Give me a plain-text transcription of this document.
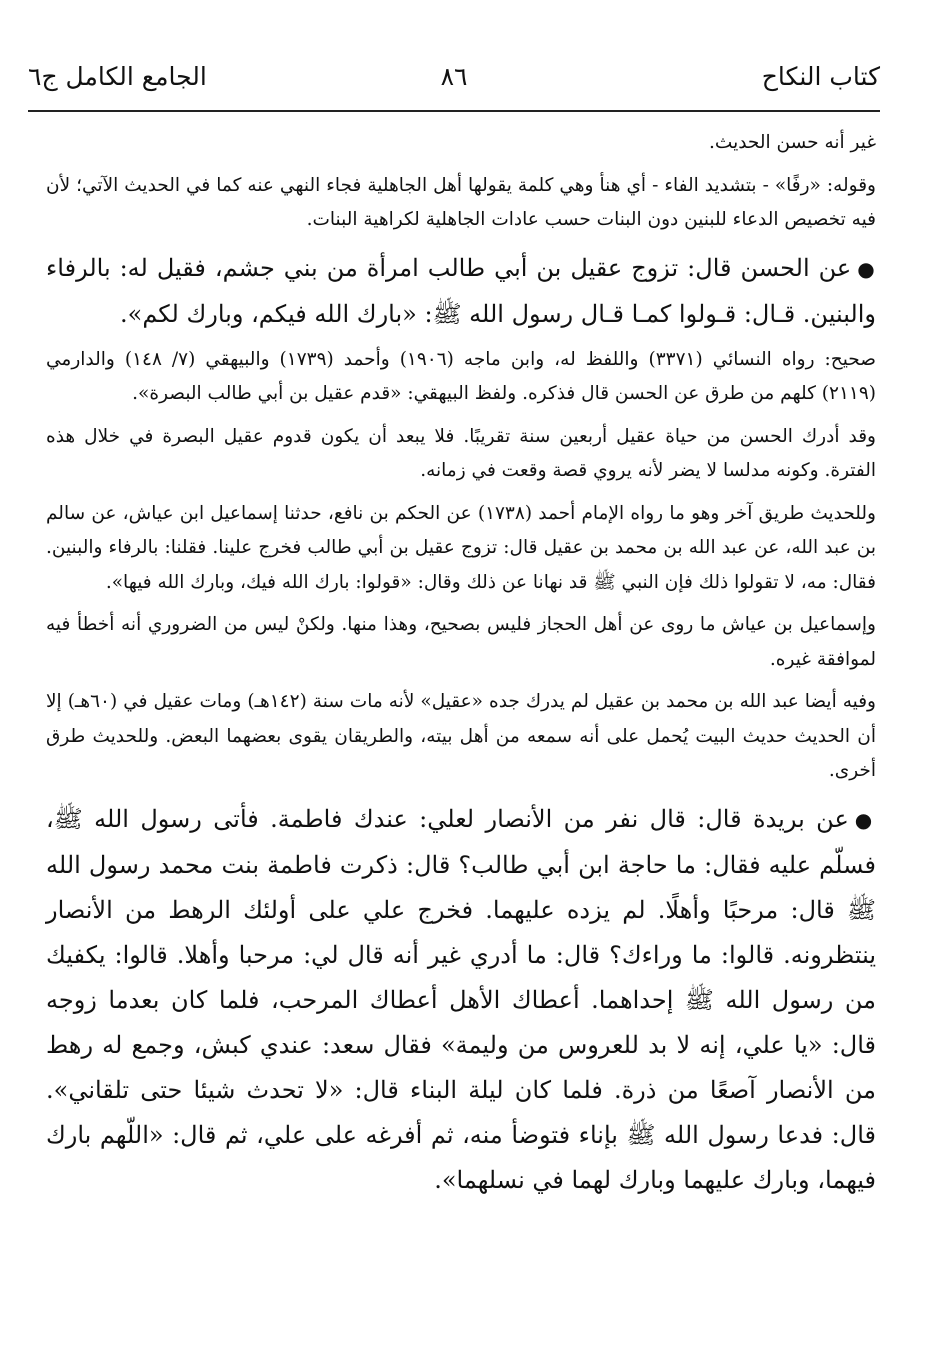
كتاب النكاح
٨٦
الجامع الكامل ج٦

غير أنه حسن الحديث.

وقوله: «رفًا» - بتشديد الفاء - أي هنأ وهي كلمة يقولها أهل الجاهلية فجاء النهي عنه كما في الحديث الآتي؛ لأن فيه تخصيص الدعاء للبنين دون البنات حسب عادات الجاهلية لكراهية البنات.

●عن الحسن قال: تزوج عقيل بن أبي طالب امرأة من بني جشم، فقيل له: بالرفاء والبنين. قـال: قـولوا كمـا قـال رسول الله ﷺ: «بارك الله فيكم، وبارك لكم».

صحيح: رواه النسائي (٣٣٧١) واللفظ له، وابن ماجه (١٩٠٦) وأحمد (١٧٣٩) والبيهقي (٧/ ١٤٨) والدارمي (٢١١٩) كلهم من طرق عن الحسن قال فذكره. ولفظ البيهقي: «قدم عقيل بن أبي طالب البصرة».

وقد أدرك الحسن من حياة عقيل أربعين سنة تقريبًا. فلا يبعد أن يكون قدوم عقيل البصرة في خلال هذه الفترة. وكونه مدلسا لا يضر لأنه يروي قصة وقعت في زمانه.

وللحديث طريق آخر وهو ما رواه الإمام أحمد (١٧٣٨) عن الحكم بن نافع، حدثنا إسماعيل ابن عياش، عن سالم بن عبد الله، عن عبد الله بن محمد بن عقيل قال: تزوج عقيل بن أبي طالب فخرج علينا. فقلنا: بالرفاء والبنين. فقال: مه، لا تقولوا ذلك فإن النبي ﷺ قد نهانا عن ذلك وقال: «قولوا: بارك الله فيك، وبارك الله فيها».

وإسماعيل بن عياش ما روى عن أهل الحجاز فليس بصحيح، وهذا منها. ولكنْ ليس من الضروري أنه أخطأ فيه لموافقة غيره.

وفيه أيضا عبد الله بن محمد بن عقيل لم يدرك جده «عقيل» لأنه مات سنة (١٤٢هـ) ومات عقيل في (٦٠هـ) إلا أن الحديث حديث البيت يُحمل على أنه سمعه من أهل بيته، والطريقان يقوى بعضهما البعض. وللحديث طرق أخرى.

●عن بريدة قال: قال نفر من الأنصار لعلي: عندك فاطمة. فأتى رسول الله ﷺ، فسلّم عليه فقال: ما حاجة ابن أبي طالب؟ قال: ذكرت فاطمة بنت محمد رسول الله ﷺ قال: مرحبًا وأهلًا. لم يزده عليهما. فخرج علي على أولئك الرهط من الأنصار ينتظرونه. قالوا: ما وراءك؟ قال: ما أدري غير أنه قال لي: مرحبا وأهلا. قالوا: يكفيك من رسول الله ﷺ إحداهما. أعطاك الأهل أعطاك المرحب، فلما كان بعدما زوجه قال: «يا علي، إنه لا بد للعروس من وليمة» فقال سعد: عندي كبش، وجمع له رهط من الأنصار آصعًا من ذرة. فلما كان ليلة البناء قال: «لا تحدث شيئا حتى تلقاني». قال: فدعا رسول الله ﷺ بإناء فتوضأ منه، ثم أفرغه على علي، ثم قال: «اللّهم بارك فيهما، وبارك عليهما وبارك لهما في نسلهما».
